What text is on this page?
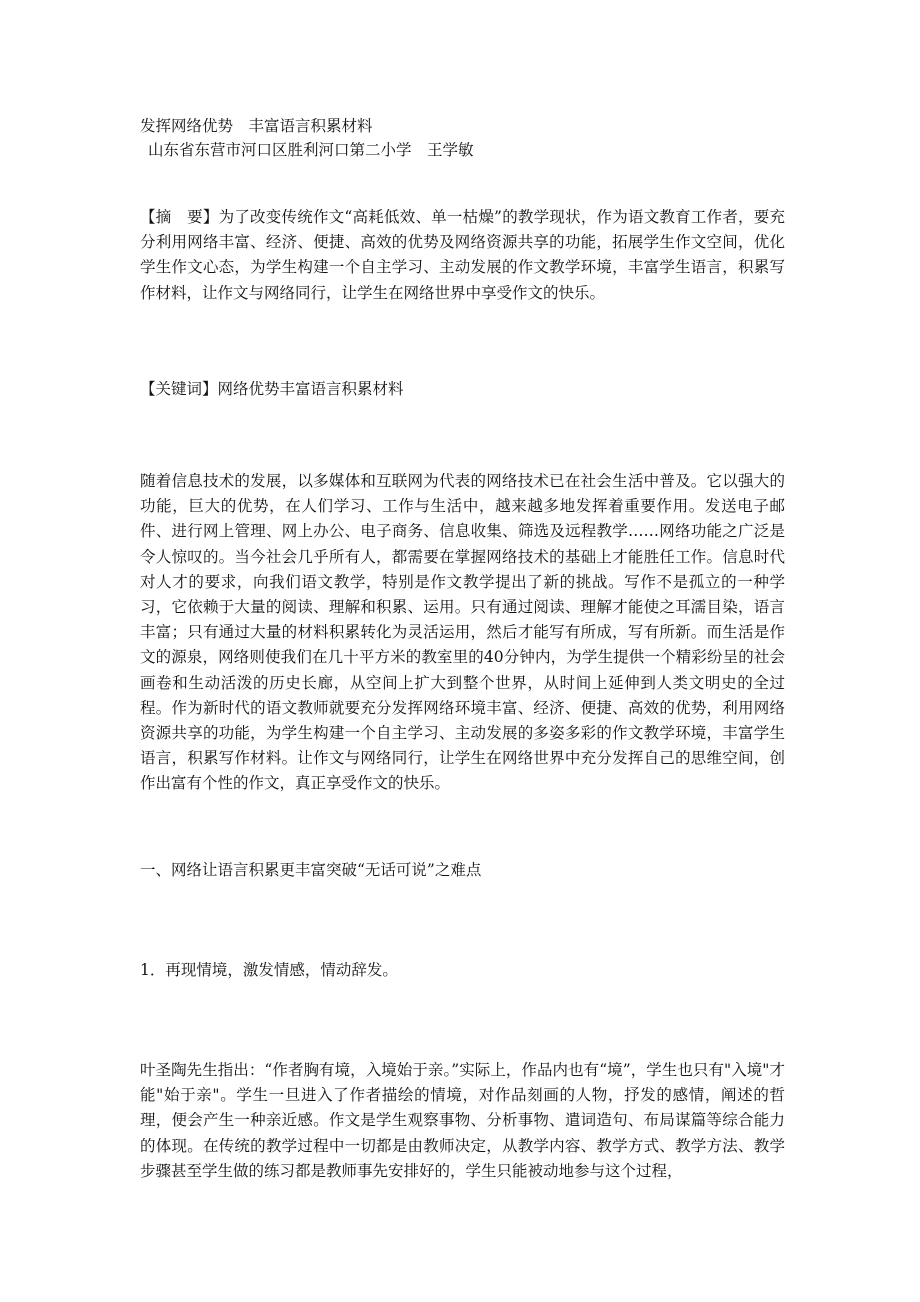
发挥网络优势　丰富语言积累材料

山东省东营市河口区胜利河口第二小学　王学敏

【摘　要】为了改变传统作文“高耗低效、单一枯燥”的教学现状，作为语文教育工作者，要充分利用网络丰富、经济、便捷、高效的优势及网络资源共享的功能，拓展学生作文空间，优化学生作文心态，为学生构建一个自主学习、主动发展的作文教学环境，丰富学生语言，积累写作材料，让作文与网络同行，让学生在网络世界中享受作文的快乐。

【关键词】网络优势丰富语言积累材料

随着信息技术的发展，以多媒体和互联网为代表的网络技术已在社会生活中普及。它以强大的功能，巨大的优势，在人们学习、工作与生活中，越来越多地发挥着重要作用。发送电子邮件、进行网上管理、网上办公、电子商务、信息收集、筛选及远程教学……网络功能之广泛是令人惊叹的。当今社会几乎所有人，都需要在掌握网络技术的基础上才能胜任工作。信息时代对人才的要求，向我们语文教学，特别是作文教学提出了新的挑战。写作不是孤立的一种学习，它依赖于大量的阅读、理解和积累、运用。只有通过阅读、理解才能使之耳濡目染，语言丰富；只有通过大量的材料积累转化为灵活运用，然后才能写有所成，写有所新。而生活是作文的源泉，网络则使我们在几十平方米的教室里的40分钟内，为学生提供一个精彩纷呈的社会画卷和生动活泼的历史长廊，从空间上扩大到整个世界，从时间上延伸到人类文明史的全过程。作为新时代的语文教师就要充分发挥网络环境丰富、经济、便捷、高效的优势，利用网络资源共享的功能，为学生构建一个自主学习、主动发展的多姿多彩的作文教学环境，丰富学生语言，积累写作材料。让作文与网络同行，让学生在网络世界中充分发挥自己的思维空间，创作出富有个性的作文，真正享受作文的快乐。

一、网络让语言积累更丰富突破“无话可说”之难点

1．再现情境，激发情感，情动辞发。

叶圣陶先生指出：“作者胸有境，入境始于亲。”实际上，作品内也有“境”，学生也只有"入境"才能"始于亲"。学生一旦进入了作者描绘的情境，对作品刻画的人物，抒发的感情，阐述的哲理，便会产生一种亲近感。作文是学生观察事物、分析事物、遣词造句、布局谋篇等综合能力的体现。在传统的教学过程中一切都是由教师决定，从教学内容、教学方式、教学方法、教学步骤甚至学生做的练习都是教师事先安排好的，学生只能被动地参与这个过程，
